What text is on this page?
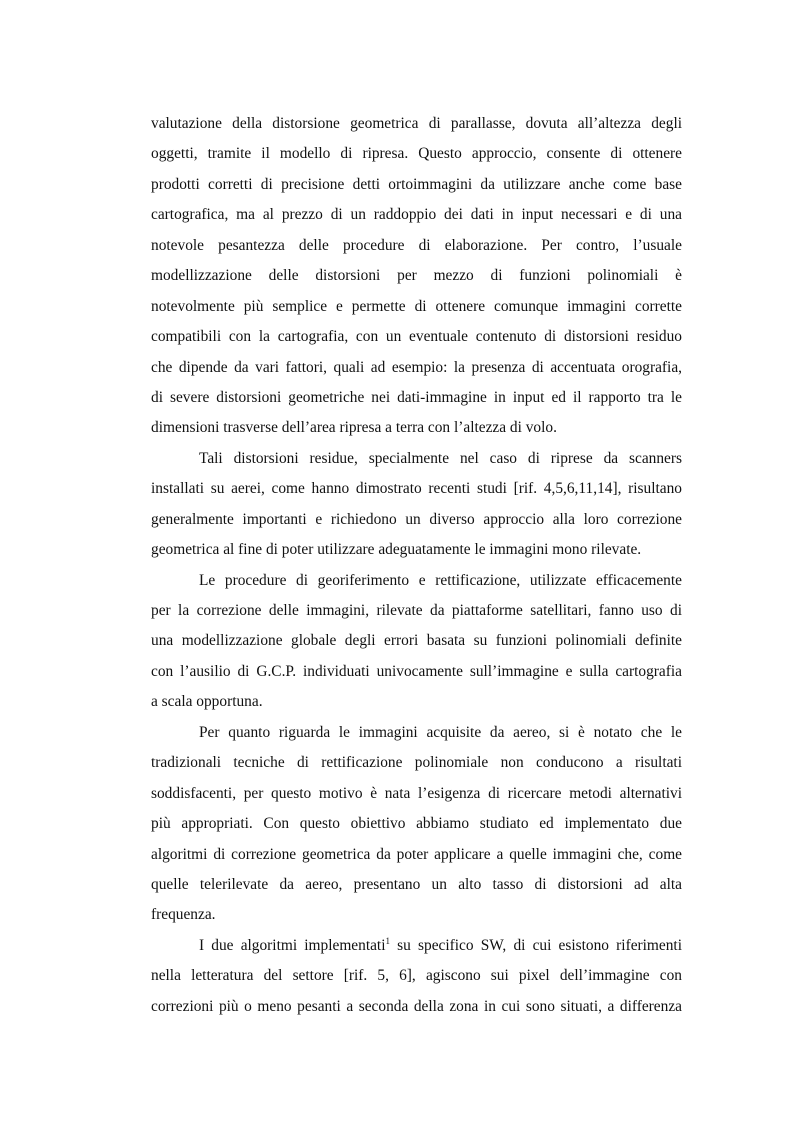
valutazione della distorsione geometrica di parallasse, dovuta all’altezza degli
oggetti, tramite il modello di ripresa. Questo approccio, consente di ottenere
prodotti corretti di precisione detti ortoimmagini da utilizzare anche come base
cartografica, ma al prezzo di un raddoppio dei dati in input necessari e di una
notevole pesantezza delle procedure di elaborazione. Per contro, l’usuale
modellizzazione delle distorsioni per mezzo di funzioni polinomiali è
notevolmente più semplice e permette di ottenere comunque immagini corrette
compatibili con la cartografia, con un eventuale contenuto di distorsioni residuo
che dipende da vari fattori, quali ad esempio: la presenza di accentuata orografia,
di severe distorsioni geometriche nei dati-immagine in input ed il rapporto tra le
dimensioni trasverse dell’area ripresa a terra con l’altezza di volo.
Tali distorsioni residue, specialmente nel caso di riprese da scanners
installati su aerei, come hanno dimostrato recenti studi [rif. 4,5,6,11,14], risultano
generalmente importanti e richiedono un diverso approccio alla loro correzione
geometrica al fine di poter utilizzare adeguatamente le immagini mono rilevate.
Le procedure di georiferimento e rettificazione, utilizzate efficacemente
per la correzione delle immagini, rilevate da piattaforme satellitari, fanno uso di
una modellizzazione globale degli errori basata su funzioni polinomiali definite
con l’ausilio di G.C.P. individuati univocamente sull’immagine e sulla cartografia
a scala opportuna.
Per quanto riguarda le immagini acquisite da aereo, si è notato che le
tradizionali tecniche di rettificazione polinomiale non conducono a risultati
soddisfacenti, per questo motivo è nata l’esigenza di ricercare metodi alternativi
più appropriati. Con questo obiettivo abbiamo studiato ed implementato due
algoritmi di correzione geometrica da poter applicare a quelle immagini che, come
quelle telerilevate da aereo, presentano un alto tasso di distorsioni ad alta
frequenza.
I due algoritmi implementati$^1$ su specifico SW, di cui esistono riferimenti
nella letteratura del settore [rif. 5, 6], agiscono sui pixel dell’immagine con
correzioni più o meno pesanti a seconda della zona in cui sono situati, a differenza
